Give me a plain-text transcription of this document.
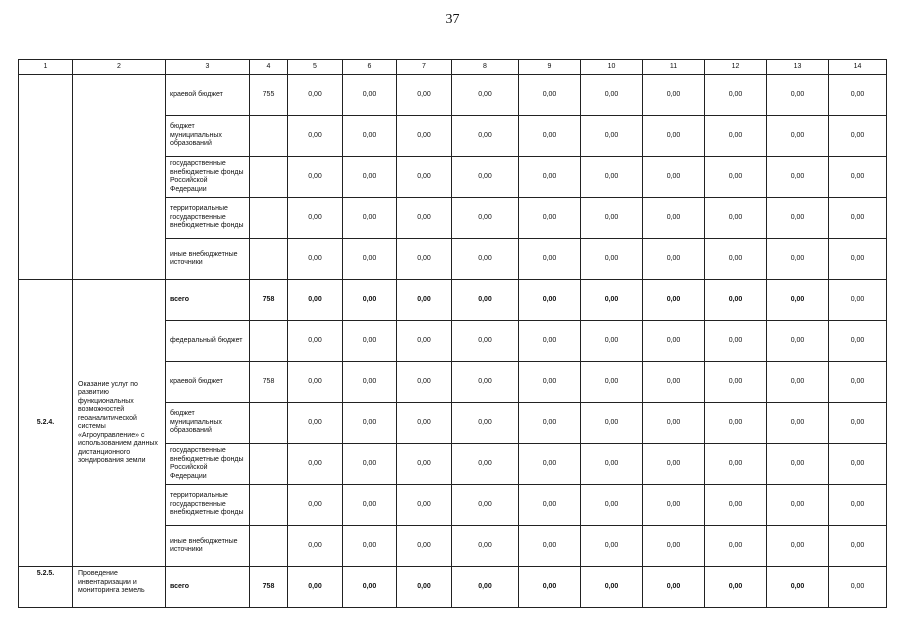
37
1	2	3	4	5	6	7	8	9	10	11	12	13	14
		краевой бюджет	755	0,00	0,00	0,00	0,00	0,00	0,00	0,00	0,00	0,00	0,00
		бюджет муниципальных образований		0,00	0,00	0,00	0,00	0,00	0,00	0,00	0,00	0,00	0,00
		государственные внебюджетные фонды Российской Федерации		0,00	0,00	0,00	0,00	0,00	0,00	0,00	0,00	0,00	0,00
		территориальные государственные внебюджетные фонды		0,00	0,00	0,00	0,00	0,00	0,00	0,00	0,00	0,00	0,00
		иные внебюджетные источники		0,00	0,00	0,00	0,00	0,00	0,00	0,00	0,00	0,00	0,00
5.2.4.	Оказание услуг по развитию функциональных возможностей геоаналитической системы «Агроуправление» с использованием данных дистанционного зондирования земли	всего	758	0,00	0,00	0,00	0,00	0,00	0,00	0,00	0,00	0,00	0,00
		федеральный бюджет		0,00	0,00	0,00	0,00	0,00	0,00	0,00	0,00	0,00	0,00
		краевой бюджет	758	0,00	0,00	0,00	0,00	0,00	0,00	0,00	0,00	0,00	0,00
		бюджет муниципальных образований		0,00	0,00	0,00	0,00	0,00	0,00	0,00	0,00	0,00	0,00
		государственные внебюджетные фонды Российской Федерации		0,00	0,00	0,00	0,00	0,00	0,00	0,00	0,00	0,00	0,00
		территориальные государственные внебюджетные фонды		0,00	0,00	0,00	0,00	0,00	0,00	0,00	0,00	0,00	0,00
		иные внебюджетные источники		0,00	0,00	0,00	0,00	0,00	0,00	0,00	0,00	0,00	0,00
5.2.5.	Проведение инвентаризации и мониторинга земель	всего	758	0,00	0,00	0,00	0,00	0,00	0,00	0,00	0,00	0,00	0,00
